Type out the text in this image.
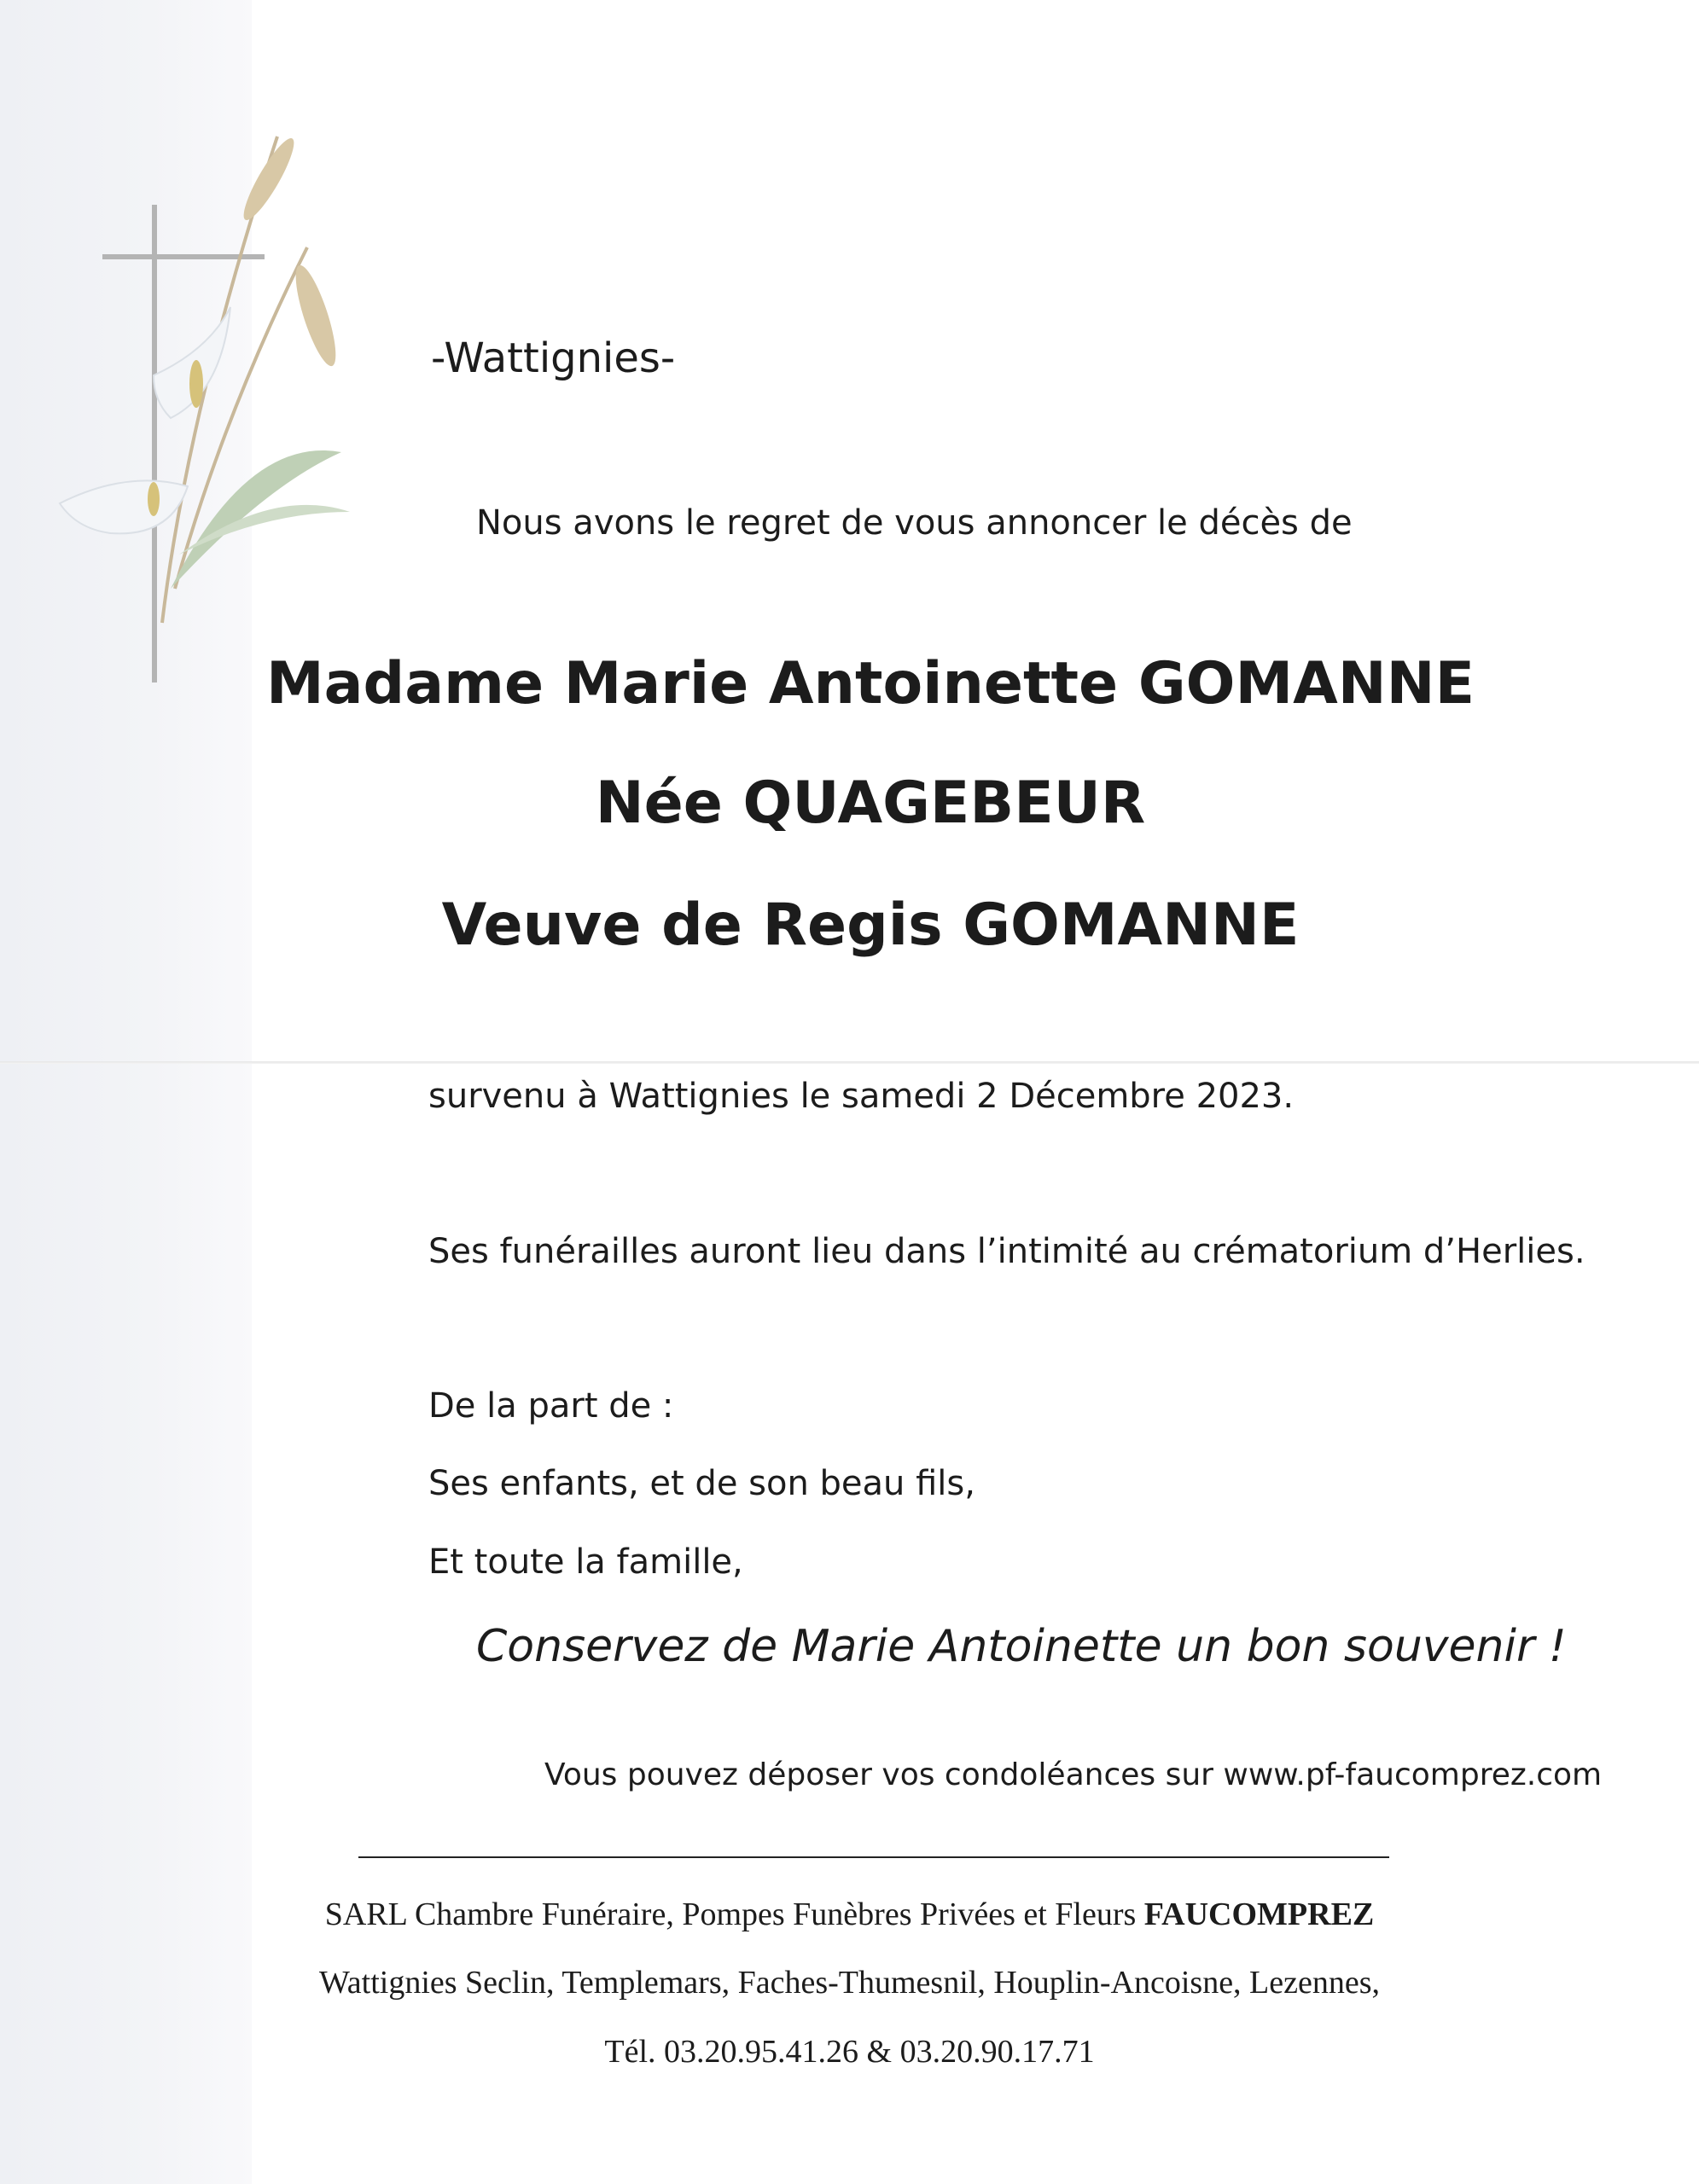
-Wattignies-
Nous avons le regret de vous annoncer le décès de
Madame Marie Antoinette GOMANNE
Née QUAGEBEUR
Veuve de Regis GOMANNE
survenu à Wattignies le samedi 2 Décembre 2023.
Ses funérailles auront lieu dans l’intimité au crématorium d’Herlies.
De la part de :
Ses enfants, et de son beau fils,
Et toute la famille,
Conservez de Marie Antoinette un bon souvenir !
Vous pouvez déposer vos condoléances sur www.pf-faucomprez.com
SARL Chambre Funéraire, Pompes Funèbres Privées et Fleurs FAUCOMPREZ
Wattignies Seclin, Templemars, Faches-Thumesnil, Houplin-Ancoisne, Lezennes,
Tél. 03.20.95.41.26 & 03.20.90.17.71
